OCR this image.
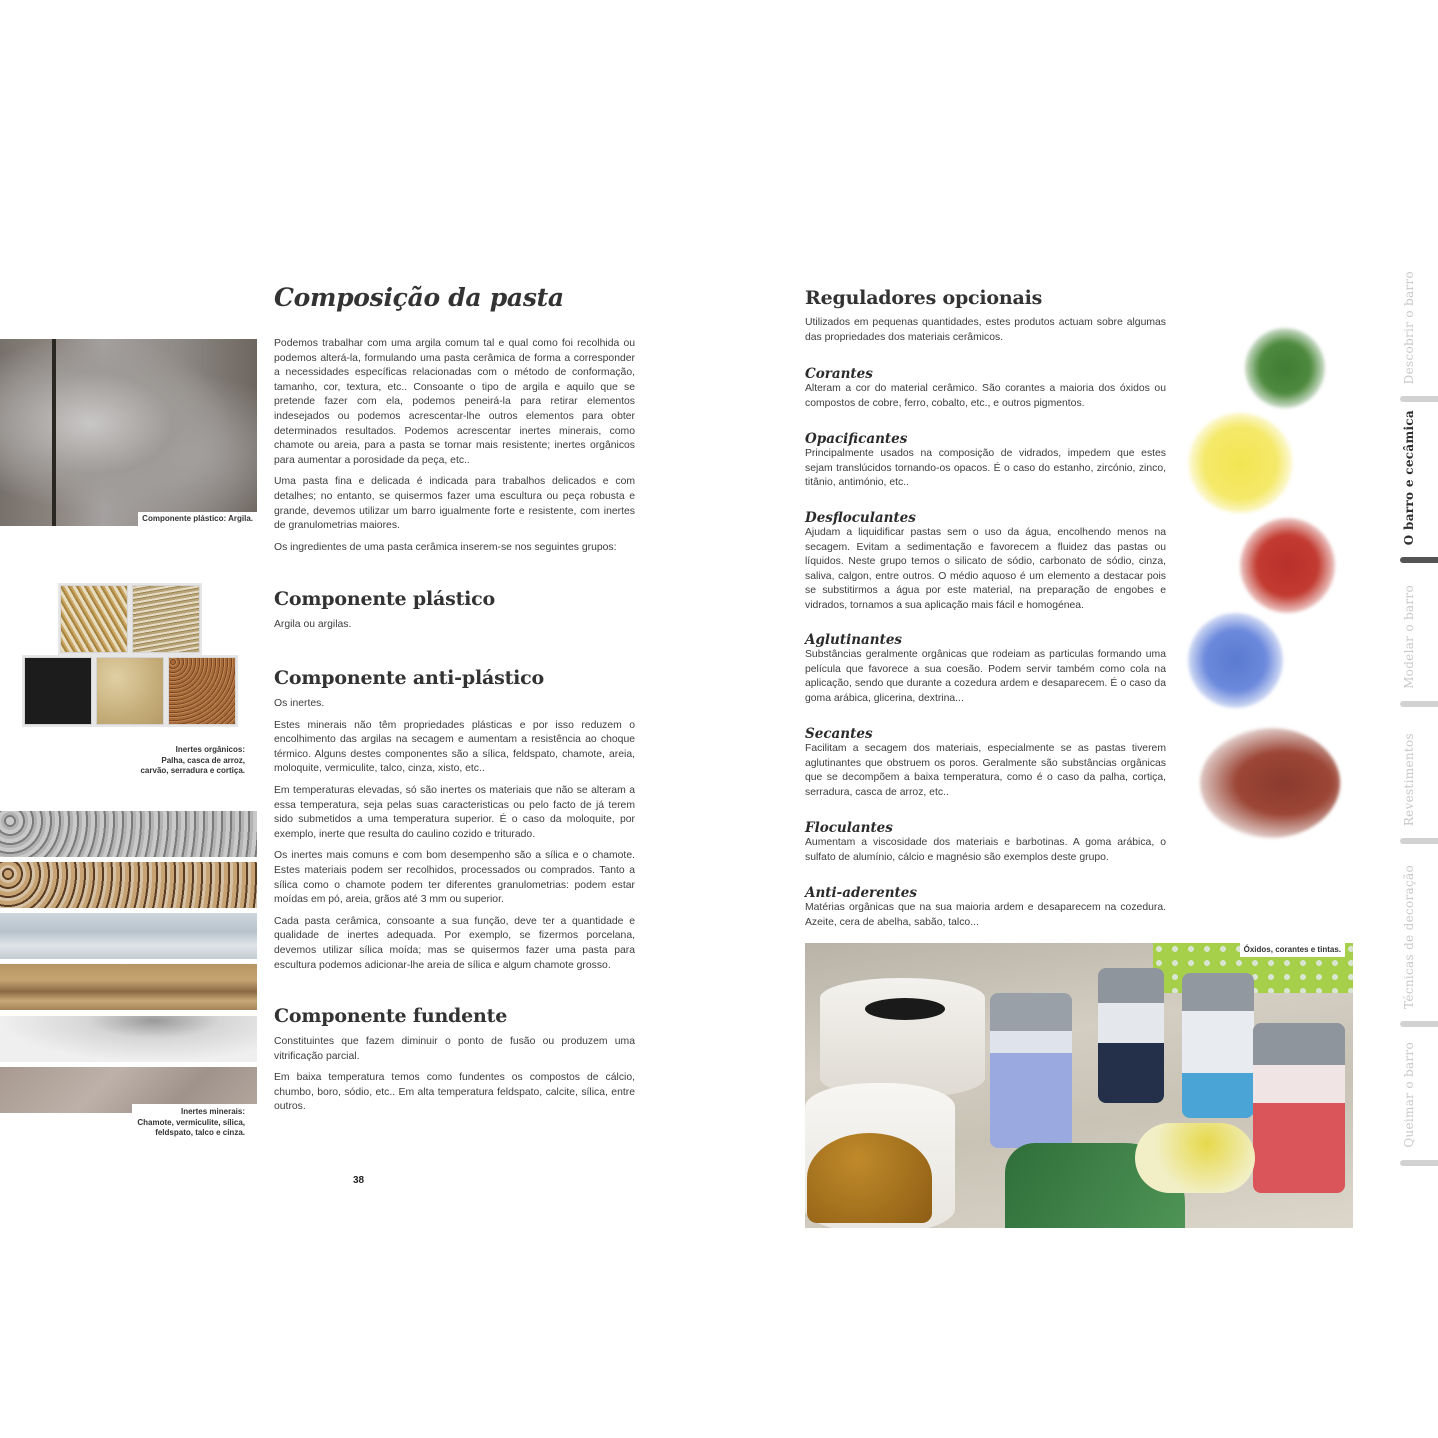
Composição da pasta

Podemos trabalhar com uma argila comum tal e qual como foi recolhida ou podemos alterá-la, formulando uma pasta cerâmica de forma a corresponder a necessidades específicas relacionadas com o método de conformação, tamanho, cor, textura, etc.. Consoante o tipo de argila e aquilo que se pretende fazer com ela, podemos peneirá-la para retirar elementos indesejados ou podemos acrescentar-lhe outros elementos para obter determinados resultados. Podemos acrescentar inertes minerais, como chamote ou areia, para a pasta se tornar mais resistente; inertes orgânicos para aumentar a porosidade da peça, etc..

Uma pasta fina e delicada é indicada para trabalhos delicados e com detalhes; no entanto, se quisermos fazer uma escultura ou peça robusta e grande, devemos utilizar um barro igualmente forte e resistente, com inertes de granulometrias maiores.

Os ingredientes de uma pasta cerâmica inserem-se nos seguintes grupos:

Componente plástico

Argila ou argilas.

Componente anti-plástico

Os inertes.

Estes minerais não têm propriedades plásticas e por isso reduzem o encolhimento das argilas na secagem e aumentam a resistência ao choque térmico. Alguns destes componentes são a sílica, feldspato, chamote, areia, moloquite, vermiculite, talco, cinza, xisto, etc..

Em temperaturas elevadas, só são inertes os materiais que não se alteram a essa temperatura, seja pelas suas caracteristicas ou pelo facto de já terem sido submetidos a uma temperatura superior. É o caso da moloquite, por exemplo, inerte que resulta do caulino cozido e triturado.

Os inertes mais comuns e com bom desempenho são a sílica e o chamote. Estes materiais podem ser recolhidos, processados ou comprados. Tanto a sílica como o chamote podem ter diferentes granulometrias: podem estar moídas em pó, areia, grãos até 3 mm ou superior.

Cada pasta cerâmica, consoante a sua função, deve ter a quantidade e qualidade de inertes adequada. Por exemplo, se fizermos porcelana, devemos utilizar sílica moída; mas se quisermos fazer uma pasta para escultura podemos adicionar-lhe areia de sílica e algum chamote grosso.

Componente fundente

Constituintes que fazem diminuir o ponto de fusão ou produzem uma vitrificação parcial.

Em baixa temperatura temos como fundentes os compostos de cálcio, chumbo, boro, sódio, etc.. Em alta temperatura feldspato, calcite, sílica, entre outros.

38
Componente plástico: Argila.
Inertes orgânicos:
Palha, casca de arroz,
carvão, serradura e cortiça.
Inertes minerais:
Chamote, vermiculite, sílica,
feldspato, talco e cinza.
Reguladores opcionais

Utilizados em pequenas quantidades, estes produtos actuam sobre algumas das propriedades dos materiais cerâmicos.

Corantes

Alteram a cor do material cerâmico. São corantes a maioria dos óxidos ou compostos de cobre, ferro, cobalto, etc., e outros pigmentos.

Opacificantes

Principalmente usados na composição de vidrados, impedem que estes sejam translúcidos tornando-os opacos. É o caso do estanho, zircónio, zinco, titânio, antimónio, etc..

Desfloculantes

Ajudam a liquidificar pastas sem o uso da água, encolhendo menos na secagem. Evitam a sedimentação e favorecem a fluidez das pastas ou líquidos. Neste grupo temos o silicato de sódio, carbonato de sódio, cinza, saliva, calgon, entre outros. O médio aquoso é um elemento a destacar pois se substitirmos a água por este material, na preparação de engobes e vidrados, tornamos a sua aplicação mais fácil e homogénea.

Aglutinantes

Substâncias geralmente orgânicas que rodeiam as particulas formando uma película que favorece a sua coesão. Podem servir também como cola na aplicação, sendo que durante a cozedura ardem e desaparecem. É o caso da goma arábica, glicerina, dextrina...

Secantes

Facilitam a secagem dos materiais, especialmente se as pastas tiverem aglutinantes que obstruem os poros. Geralmente são substâncias orgânicas que se decompõem a baixa temperatura, como é o caso da palha, cortiça, serradura, casca de arroz, etc..

Floculantes

Aumentam a viscosidade dos materiais e barbotinas. A goma arábica, o sulfato de alumínio, cálcio e magnésio são exemplos deste grupo.

Anti-aderentes

Matérias orgânicas que na sua maioria ardem e desaparecem na cozedura. Azeite, cera de abelha, sabão, talco...

Óxidos, corantes e tintas.
Descobrir o barro
O barro e cecâmica
Modelar o barro
Revestimentos
Técnicas de decoração
Queimar o barro
